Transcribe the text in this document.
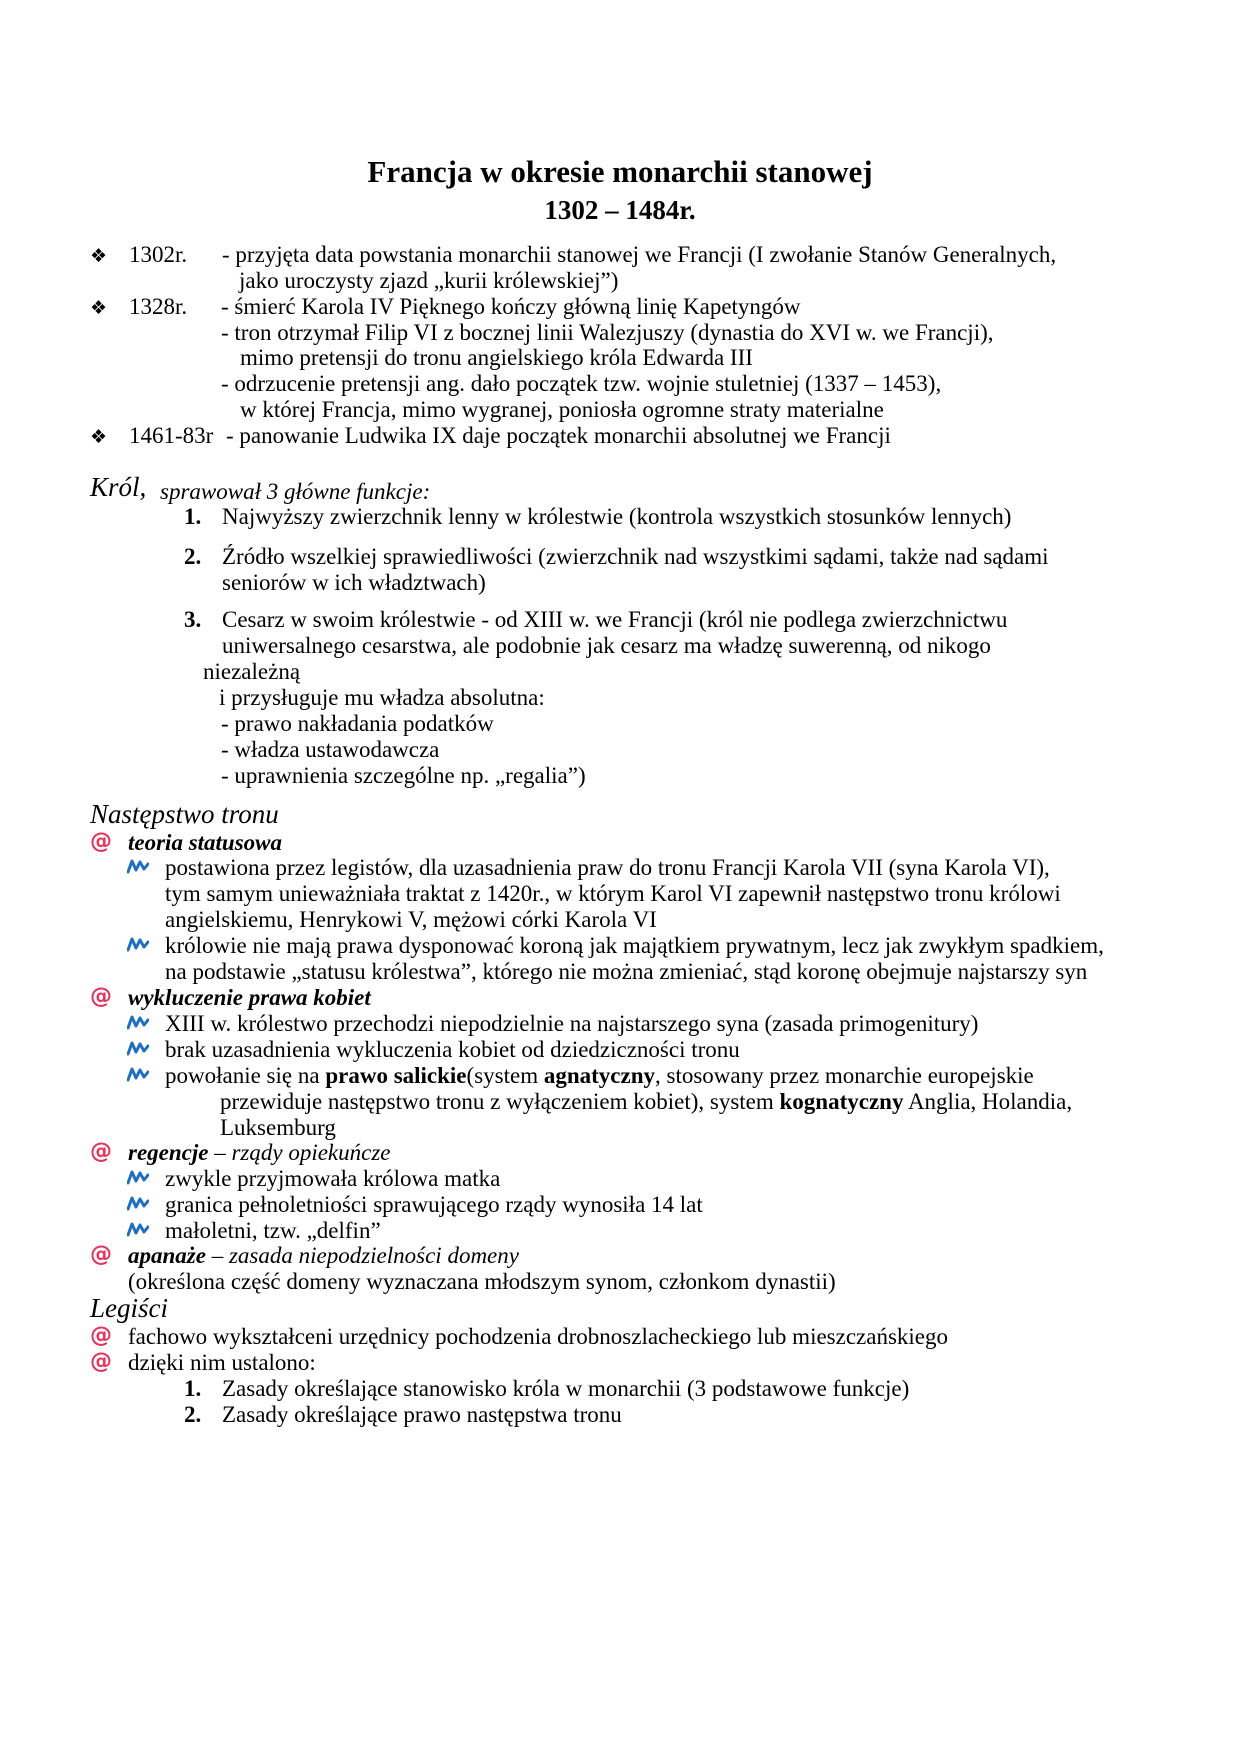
Francja w okresie monarchii stanowej
1302 – 1484r.
❖ 1302r. - przyjęta data powstania monarchii stanowej we Francji (I zwołanie Stanów Generalnych,
jako uroczysty zjazd „kurii królewskiej”)
❖ 1328r. - śmierć Karola IV Pięknego kończy główną linię Kapetyngów
- tron otrzymał Filip VI z bocznej linii Walezjuszy (dynastia do XVI w. we Francji),
mimo pretensji do tronu angielskiego króla Edwarda III
- odrzucenie pretensji ang. dało początek tzw. wojnie stuletniej (1337 – 1453),
w której Francja, mimo wygranej, poniosła ogromne straty materialne
❖ 1461-83r - panowanie Ludwika IX daje początek monarchii absolutnej we Francji
Król, sprawował 3 główne funkcje:
1. Najwyższy zwierzchnik lenny w królestwie (kontrola wszystkich stosunków lennych)
2. Źródło wszelkiej sprawiedliwości (zwierzchnik nad wszystkimi sądami, także nad sądami
seniorów w ich władztwach)
3. Cesarz w swoim królestwie - od XIII w. we Francji (król nie podlega zwierzchnictwu
uniwersalnego cesarstwa, ale podobnie jak cesarz ma władzę suwerenną, od nikogo
niezależną
i przysługuje mu władza absolutna:
- prawo nakładania podatków
- władza ustawodawcza
- uprawnienia szczególne np. „regalia”)
Następstwo tronu
@ teoria statusowa
postawiona przez legistów, dla uzasadnienia praw do tronu Francji Karola VII (syna Karola VI),
tym samym unieważniała traktat z 1420r., w którym Karol VI zapewnił następstwo tronu królowi
angielskiemu, Henrykowi V, mężowi córki Karola VI
królowie nie mają prawa dysponować koroną jak majątkiem prywatnym, lecz jak zwykłym spadkiem,
na podstawie „statusu królestwa”, którego nie można zmieniać, stąd koronę obejmuje najstarszy syn
@ wykluczenie prawa kobiet
XIII w. królestwo przechodzi niepodzielnie na najstarszego syna (zasada primogenitury)
brak uzasadnienia wykluczenia kobiet od dziedziczności tronu
powołanie się na prawo salickie(system agnatyczny, stosowany przez monarchie europejskie
przewiduje następstwo tronu z wyłączeniem kobiet), system kognatyczny Anglia, Holandia,
Luksemburg
@ regencje – rządy opiekuńcze
zwykle przyjmowała królowa matka
granica pełnoletniości sprawującego rządy wynosiła 14 lat
małoletni, tzw. „delfin”
@ apanaże – zasada niepodzielności domeny
(określona część domeny wyznaczana młodszym synom, członkom dynastii)
Legiści
@ fachowo wykształceni urzędnicy pochodzenia drobnoszlacheckiego lub mieszczańskiego
@ dzięki nim ustalono:
1. Zasady określające stanowisko króla w monarchii (3 podstawowe funkcje)
2. Zasady określające prawo następstwa tronu
